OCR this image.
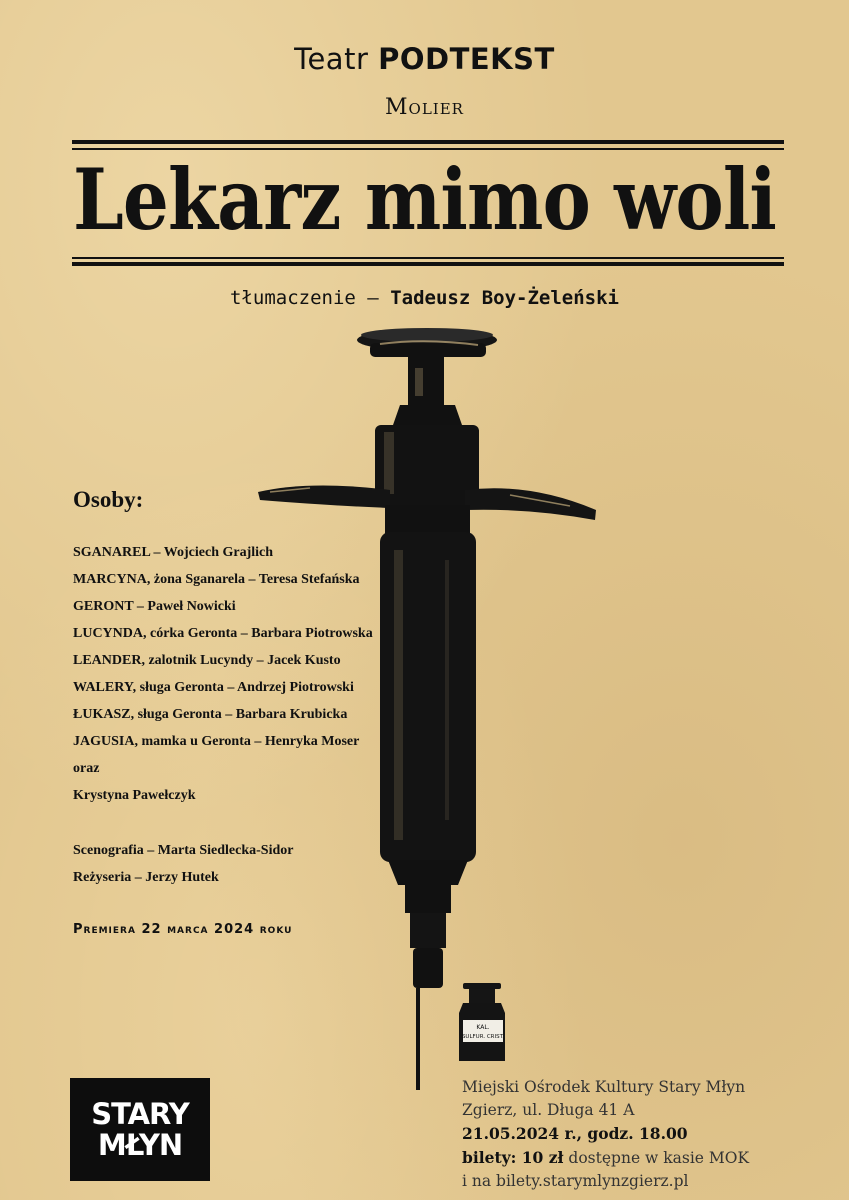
Teatr PODTEKST
Molier
Lekarz mimo woli
tłumaczenie – Tadeusz Boy-Żeleński
Osoby:
SGANAREL – Wojciech Grajlich
MARCYNA, żona Sganarela – Teresa Stefańska
GERONT – Paweł Nowicki
LUCYNDA, córka Geronta – Barbara Piotrowska
LEANDER, zalotnik Lucyndy – Jacek Kusto
WALERY, sługa Geronta – Andrzej Piotrowski
ŁUKASZ, sługa Geronta – Barbara Krubicka
JAGUSIA, mamka u Geronta – Henryka Moser
oraz
Krystyna Pawełczyk
Scenografia – Marta Siedlecka-Sidor
Reżyseria – Jerzy Hutek
Premiera 22 marca 2024 roku
KAL.
SULFUR. CRIST.
STARY
MŁYN
Miejski Ośrodek Kultury Stary Młyn
Zgierz, ul. Długa 41 A
21.05.2024 r., godz. 18.00
bilety: 10 zł dostępne w kasie MOK
i na bilety.starymlynzgierz.pl
